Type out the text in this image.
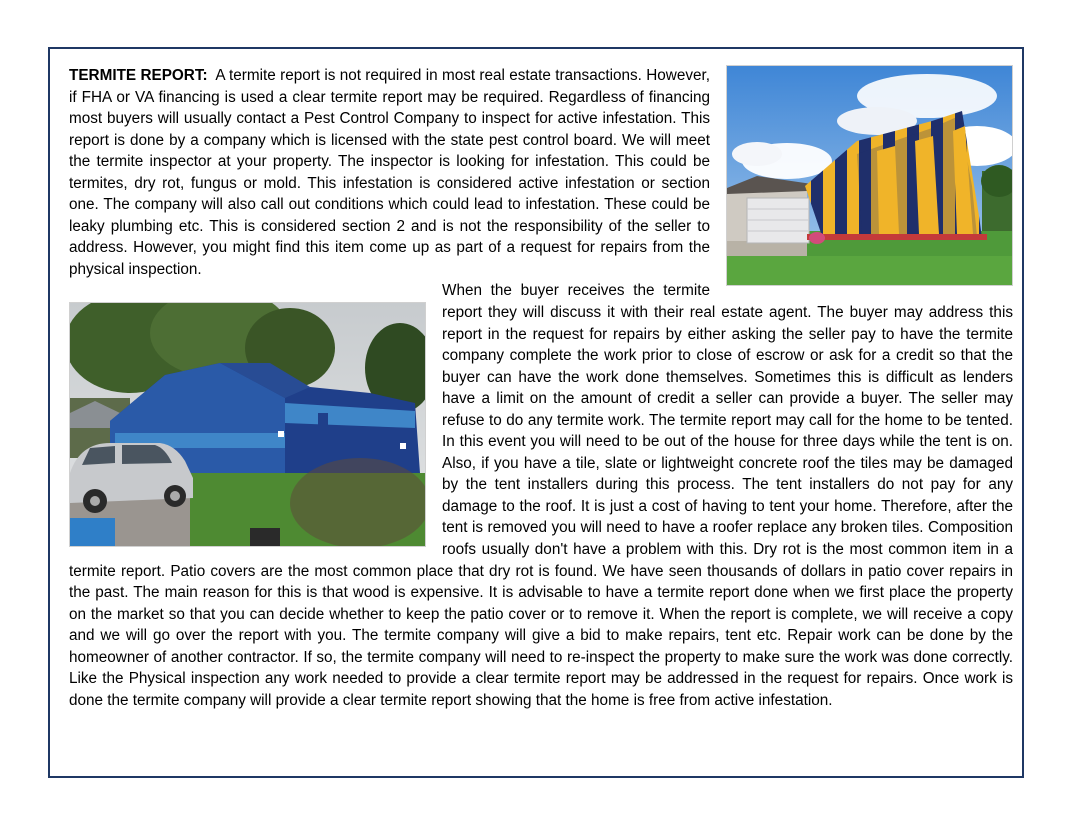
TERMITE REPORT: A termite report is not required in most real estate transactions. However, if FHA or VA financing is used a clear termite report may be required. Regardless of financing most buyers will usually contact a Pest Control Company to inspect for active infestation. This report is done by a company which is licensed with the state pest control board. We will meet the termite inspector at your property. The inspector is looking for infestation. This could be termites, dry rot, fungus or mold. This infestation is considered active infestation or section one. The company will also call out conditions which could lead to infestation. These could be leaky plumbing etc. This is considered section 2 and is not the responsibility of the seller to address. However, you might find this item come up as part of a request for repairs from the physical inspection.

When the buyer receives the termite report they will discuss it with their real estate agent. The buyer may address this report in the request for repairs by either asking the seller pay to have the termite company complete the work prior to close of escrow or ask for a credit so that the buyer can have the work done themselves. Sometimes this is difficult as lenders have a limit on the amount of credit a seller can provide a buyer. The seller may refuse to do any termite work. The termite report may call for the home to be tented. In this event you will need to be out of the house for three days while the tent is on. Also, if you have a tile, slate or lightweight concrete roof the tiles may be damaged by the tent installers during this process. The tent installers do not pay for any damage to the roof. It is just a cost of having to tent your home. Therefore, after the tent is removed you will need to have a roofer replace any broken tiles. Composition roofs usually don't have a problem with this. Dry rot is the most common item in a termite report. Patio covers are the most common place that dry rot is found. We have seen thousands of dollars in patio cover repairs in the past. The main reason for this is that wood is expensive. It is advisable to have a termite report done when we first place the property on the market so that you can decide whether to keep the patio cover or to remove it. When the report is complete, we will receive a copy and we will go over the report with you. The termite company will give a bid to make repairs, tent etc. Repair work can be done by the homeowner of another contractor. If so, the termite company will need to re-inspect the property to make sure the work was done correctly. Like the Physical inspection any work needed to provide a clear termite report may be addressed in the request for repairs. Once work is done the termite company will provide a clear termite report showing that the home is free from active infestation.
